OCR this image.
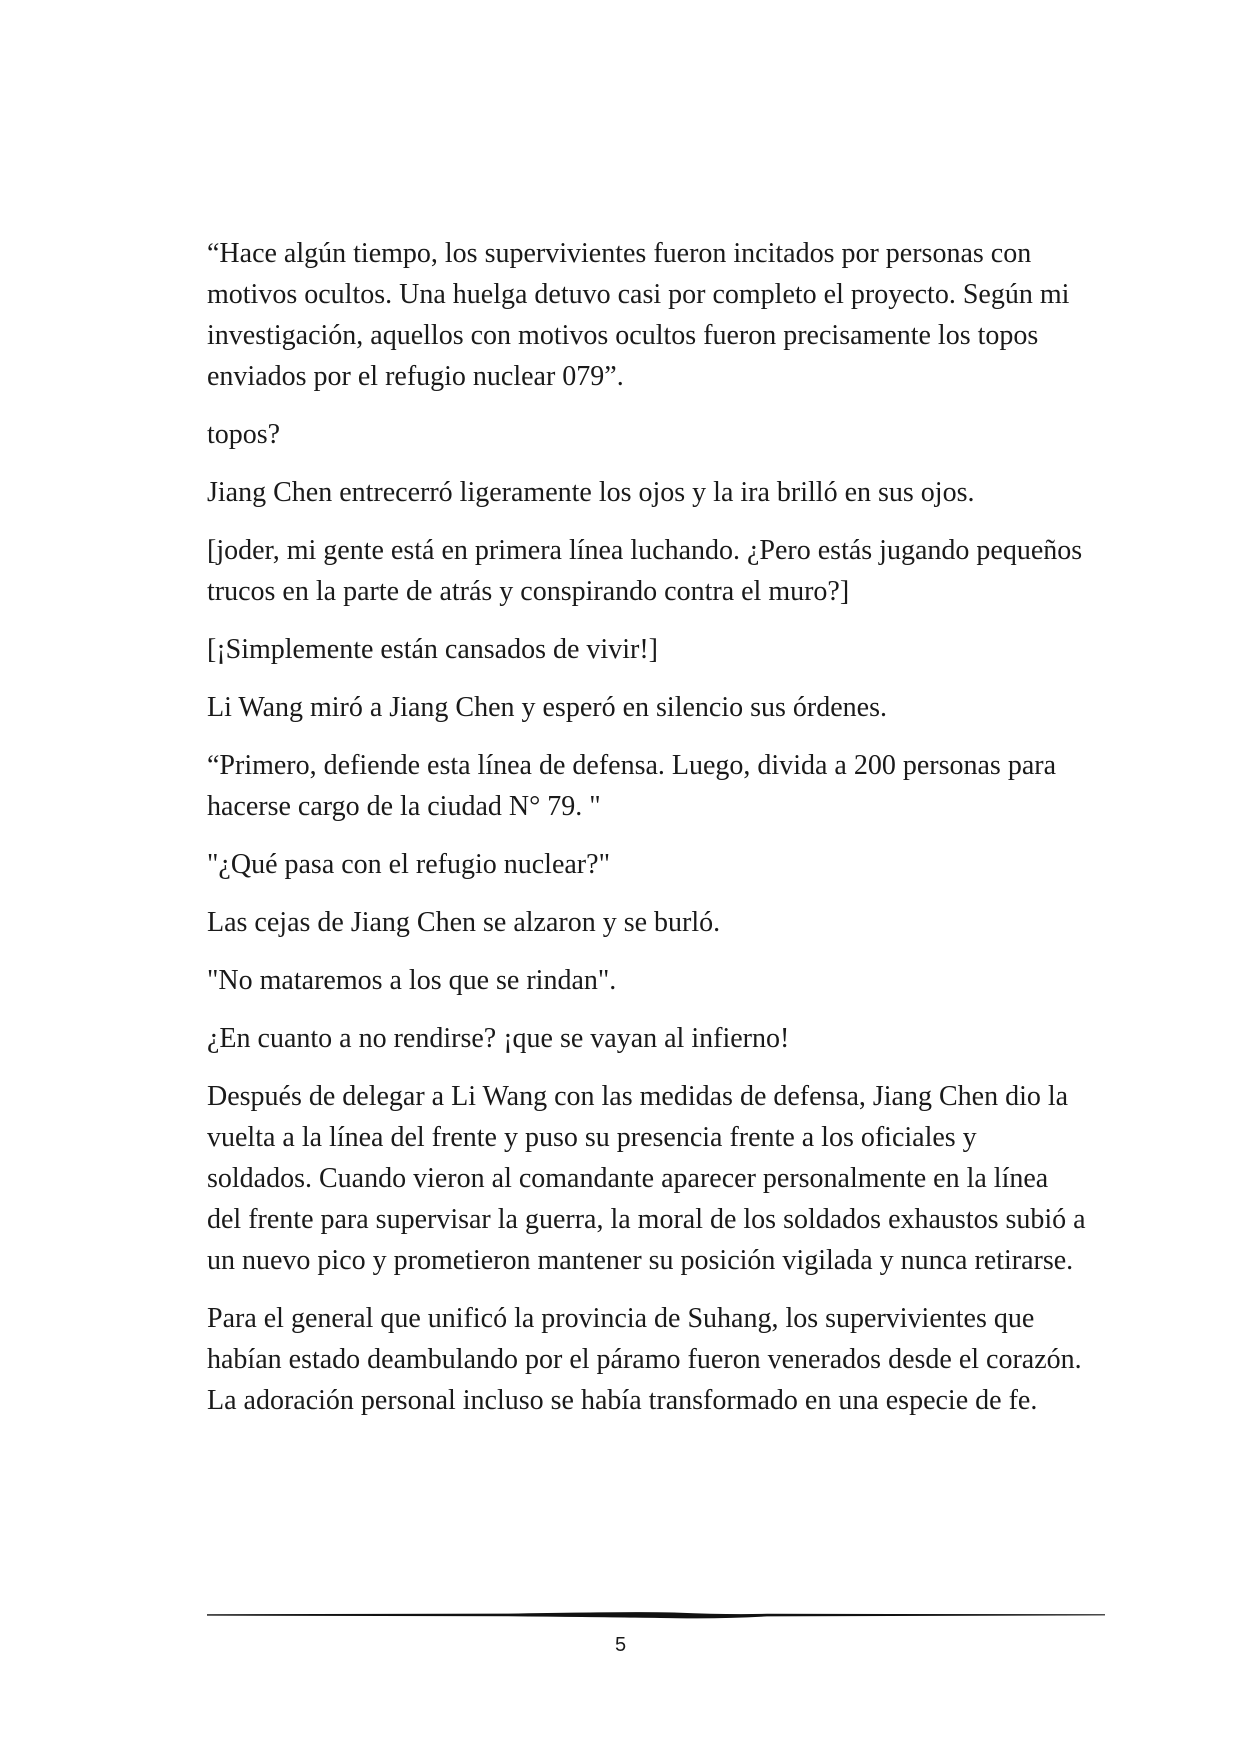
“Hace algún tiempo, los supervivientes fueron incitados por personas con motivos ocultos. Una huelga detuvo casi por completo el proyecto. Según mi investigación, aquellos con motivos ocultos fueron precisamente los topos enviados por el refugio nuclear 079”.

topos?

Jiang Chen entrecerró ligeramente los ojos y la ira brilló en sus ojos.

[joder, mi gente está en primera línea luchando. ¿Pero estás jugando pequeños trucos en la parte de atrás y conspirando contra el muro?]

[¡Simplemente están cansados de vivir!]

Li Wang miró a Jiang Chen y esperó en silencio sus órdenes.

“Primero, defiende esta línea de defensa. Luego, divida a 200 personas para hacerse cargo de la ciudad N° 79. "

"¿Qué pasa con el refugio nuclear?"

Las cejas de Jiang Chen se alzaron y se burló.

"No mataremos a los que se rindan".

¿En cuanto a no rendirse? ¡que se vayan al infierno!

Después de delegar a Li Wang con las medidas de defensa, Jiang Chen dio la vuelta a la línea del frente y puso su presencia frente a los oficiales y soldados. Cuando vieron al comandante aparecer personalmente en la línea del frente para supervisar la guerra, la moral de los soldados exhaustos subió a un nuevo pico y prometieron mantener su posición vigilada y nunca retirarse.

Para el general que unificó la provincia de Suhang, los supervivientes que habían estado deambulando por el páramo fueron venerados desde el corazón. La adoración personal incluso se había transformado en una especie de fe.

5
